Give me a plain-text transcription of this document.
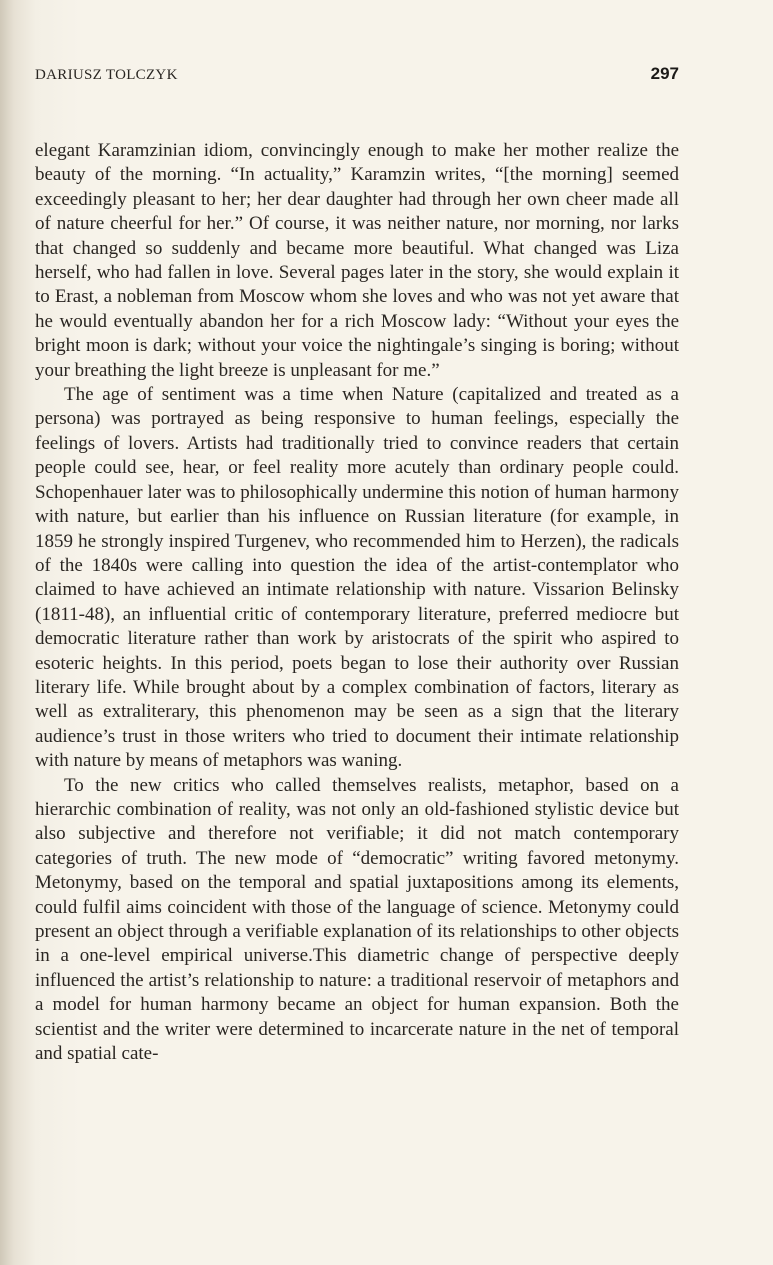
DARIUSZ TOLCZYK	297

elegant Karamzinian idiom, convincingly enough to make her mother realize the beauty of the morning. “In actuality,” Karamzin writes, “[the morning] seemed exceedingly pleasant to her; her dear daughter had through her own cheer made all of nature cheerful for her.” Of course, it was neither nature, nor morning, nor larks that changed so suddenly and became more beautiful. What changed was Liza herself, who had fallen in love. Several pages later in the story, she would explain it to Erast, a nobleman from Moscow whom she loves and who was not yet aware that he would eventually abandon her for a rich Moscow lady: “Without your eyes the bright moon is dark; without your voice the nightingale’s singing is boring; without your breathing the light breeze is unpleasant for me.”

The age of sentiment was a time when Nature (capitalized and treated as a persona) was portrayed as being responsive to human feelings, especially the feelings of lovers. Artists had traditionally tried to convince readers that certain people could see, hear, or feel reality more acutely than ordinary people could. Schopenhauer later was to philosophically undermine this notion of human harmony with nature, but earlier than his influence on Russian literature (for example, in 1859 he strongly inspired Turgenev, who recommended him to Herzen), the radicals of the 1840s were calling into question the idea of the artist-contemplator who claimed to have achieved an intimate relationship with nature. Vissarion Belinsky (1811-48), an influential critic of contemporary literature, preferred mediocre but democratic literature rather than work by aristocrats of the spirit who aspired to esoteric heights. In this period, poets began to lose their authority over Russian literary life. While brought about by a complex combination of factors, literary as well as extraliterary, this phenomenon may be seen as a sign that the literary audience’s trust in those writers who tried to document their intimate relationship with nature by means of metaphors was waning.

To the new critics who called themselves realists, metaphor, based on a hierarchic combination of reality, was not only an old-fashioned stylistic device but also subjective and therefore not verifiable; it did not match contemporary categories of truth. The new mode of “democratic” writing favored metonymy. Metonymy, based on the temporal and spatial juxtapositions among its elements, could fulfil aims coincident with those of the language of science. Metonymy could present an object through a verifiable explanation of its relationships to other objects in a one-level empirical universe.This diametric change of perspective deeply influenced the artist’s relationship to nature: a traditional reservoir of metaphors and a model for human harmony became an object for human expansion. Both the scientist and the writer were determined to incarcerate nature in the net of temporal and spatial cate-
